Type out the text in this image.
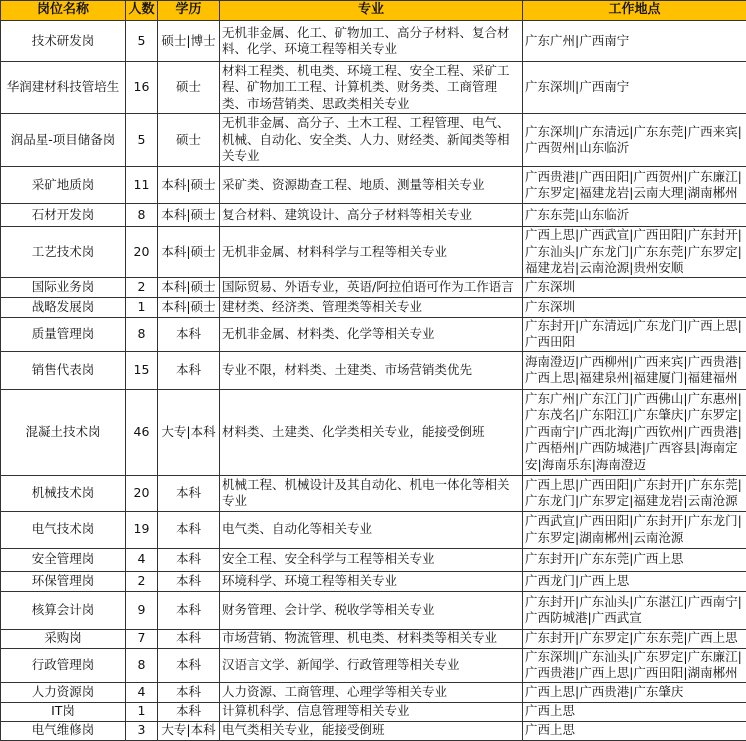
岗位名称	人数	学历	专业	工作地点
技术研发岗	5	硕士|博士	无机非金属、化工、矿物加工、高分子材料、复合材料、化学、环境工程等相关专业	广东广州|广西南宁
华润建材科技管培生	16	硕士	材料工程类、机电类、环境工程、安全工程、采矿工程、矿物加工工程、计算机类、财务类、工商管理类、市场营销类、思政类相关专业	广东深圳|广西南宁
润品星-项目储备岗	5	硕士	无机非金属、高分子、土木工程、工程管理、电气、机械、自动化、安全类、人力、财经类、新闻类等相关专业	广东深圳|广东清远|广东东莞|广西来宾|广西贺州|山东临沂
采矿地质岗	11	本科|硕士	采矿类、资源勘查工程、地质、测量等相关专业	广西贵港|广西田阳|广西贺州|广东廉江|广东罗定|福建龙岩|云南大理|湖南郴州
石材开发岗	8	本科|硕士	复合材料、建筑设计、高分子材料等相关专业	广东东莞|山东临沂
工艺技术岗	20	本科|硕士	无机非金属、材料科学与工程等相关专业	广西上思|广西武宣|广西田阳|广东封开|广东汕头|广东龙门|广东东莞|广东罗定|福建龙岩|云南沧源|贵州安顺
国际业务岗	2	本科|硕士	国际贸易、外语专业，英语/阿拉伯语可作为工作语言	广东深圳
战略发展岗	1	本科|硕士	建材类、经济类、管理类等相关专业	广东深圳
质量管理岗	8	本科	无机非金属、材料类、化学等相关专业	广东封开|广东清远|广东龙门|广西上思|广西田阳
销售代表岗	15	本科	专业不限，材料类、土建类、市场营销类优先	海南澄迈|广西柳州|广西来宾|广西贵港|广西上思|福建泉州|福建厦门|福建福州
混凝土技术岗	46	大专|本科	材料类、土建类、化学类相关专业，能接受倒班	广东广州|广东江门|广西佛山|广东惠州|广东茂名|广东阳江|广东肇庆|广东罗定|广西南宁|广西北海|广西钦州|广西贵港|广西梧州|广西防城港|广西容县|海南定安|海南乐东|海南澄迈
机械技术岗	20	本科	机械工程、机械设计及其自动化、机电一体化等相关专业	广西上思|广西田阳|广东封开|广东东莞|广东龙门|广东罗定|福建龙岩|云南沧源
电气技术岗	19	本科	电气类、自动化等相关专业	广西武宣|广西田阳|广东封开|广东龙门|广东罗定|湖南郴州|云南沧源
安全管理岗	4	本科	安全工程、安全科学与工程等相关专业	广东封开|广东东莞|广西上思
环保管理岗	2	本科	环境科学、环境工程等相关专业	广西龙门|广西上思
核算会计岗	9	本科	财务管理、会计学、税收学等相关专业	广东封开|广东汕头|广东湛江|广西南宁|广西防城港|广西武宣
采购岗	7	本科	市场营销、物流管理、机电类、材料类等相关专业	广东封开|广东罗定|广东东莞|广西上思
行政管理岗	8	本科	汉语言文学、新闻学、行政管理等相关专业	广东深圳|广东汕头|广东罗定|广东廉江|广西贵港|广西上思|广西田阳|湖南郴州
人力资源岗	4	本科	人力资源、工商管理、心理学等相关专业	广西上思|广西贵港|广东肇庆
IT岗	1	本科	计算机科学、信息管理等相关专业	广西上思
电气维修岗	3	大专|本科	电气类相关专业，能接受倒班	广西上思
